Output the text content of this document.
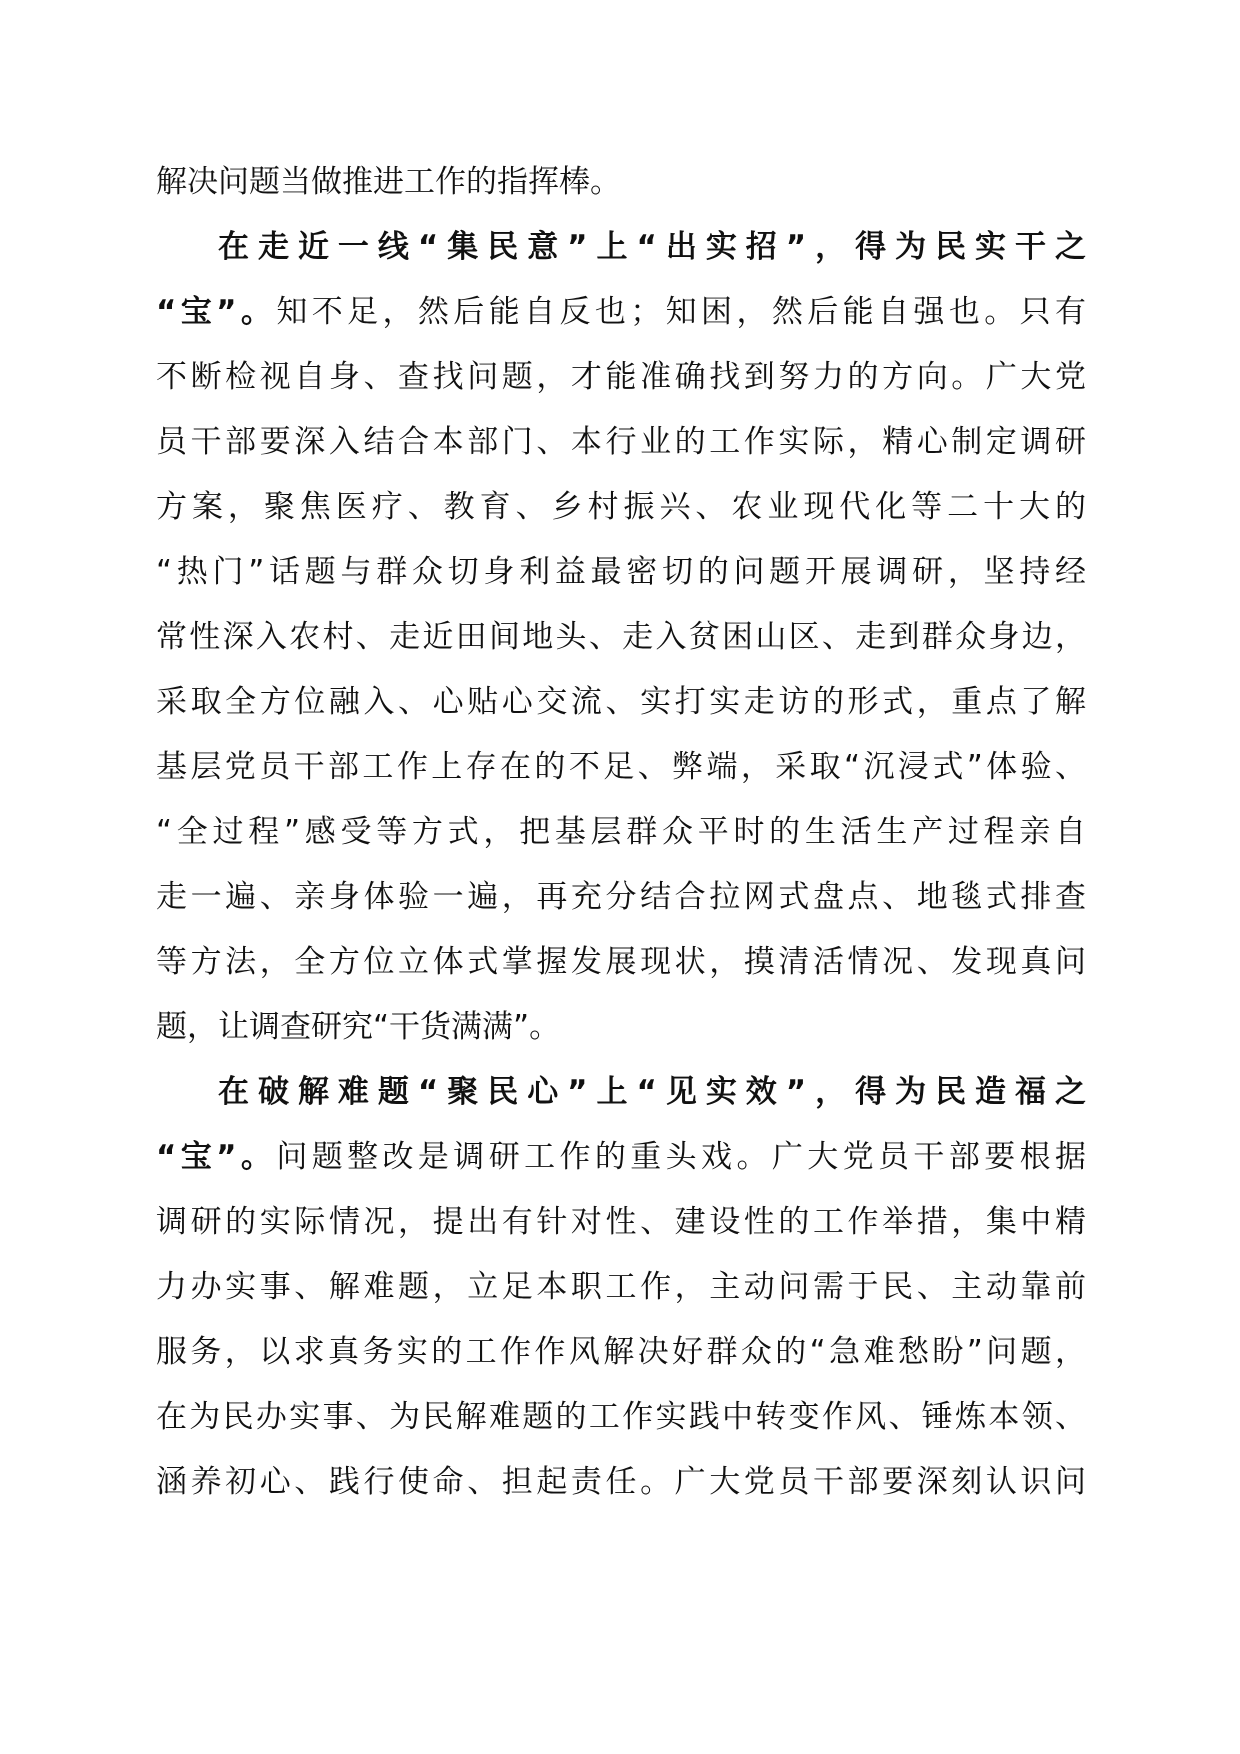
解决问题当做推进工作的指挥棒。
在走近一线“集民意”上“出实招”，得为民实干之
“宝”。知不足，然后能自反也；知困，然后能自强也。只有
不断检视自身、查找问题，才能准确找到努力的方向。广大党
员干部要深入结合本部门、本行业的工作实际，精心制定调研
方案，聚焦医疗、教育、乡村振兴、农业现代化等二十大的
“热门”话题与群众切身利益最密切的问题开展调研，坚持经
常性深入农村、走近田间地头、走入贫困山区、走到群众身边，
采取全方位融入、心贴心交流、实打实走访的形式，重点了解
基层党员干部工作上存在的不足、弊端，采取“沉浸式”体验、
“全过程”感受等方式，把基层群众平时的生活生产过程亲自
走一遍、亲身体验一遍，再充分结合拉网式盘点、地毯式排查
等方法，全方位立体式掌握发展现状，摸清活情况、发现真问
题，让调查研究“干货满满”。
在破解难题“聚民心”上“见实效”，得为民造福之
“宝”。问题整改是调研工作的重头戏。广大党员干部要根据
调研的实际情况，提出有针对性、建设性的工作举措，集中精
力办实事、解难题，立足本职工作，主动问需于民、主动靠前
服务，以求真务实的工作作风解决好群众的“急难愁盼”问题，
在为民办实事、为民解难题的工作实践中转变作风、锤炼本领、
涵养初心、践行使命、担起责任。广大党员干部要深刻认识问
